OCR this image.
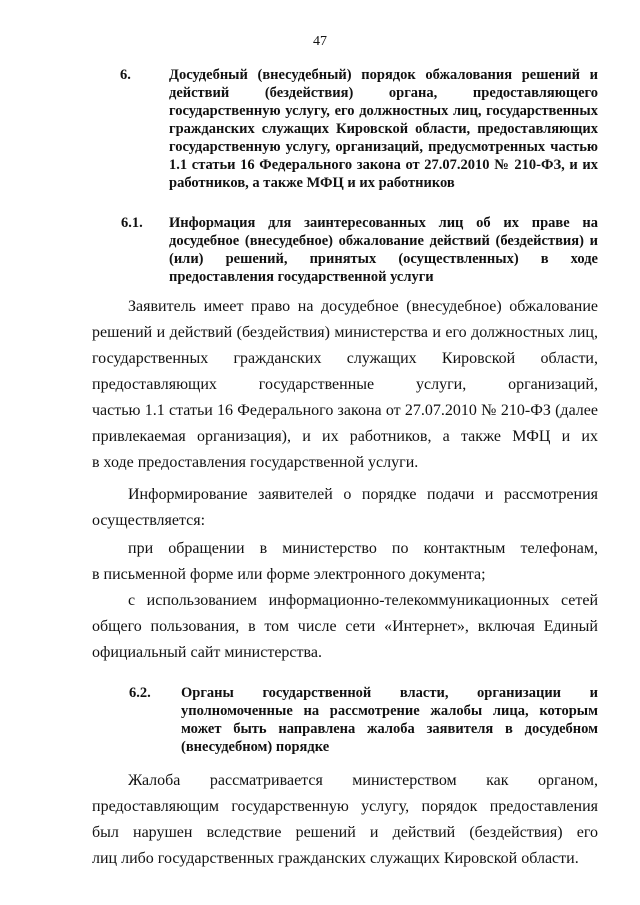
47
6.	Досудебный (внесудебный) порядок обжалования решений и действий (бездействия) органа, предоставляющего государственную услугу, его должностных лиц, государственных гражданских служащих Кировской области, предоставляющих государственную услугу, организаций, предусмотренных частью 1.1 статьи 16 Федерального закона от 27.07.2010 № 210-ФЗ, и их работников, а также МФЦ и их работников
6.1.	Информация для заинтересованных лиц об их праве на досудебное (внесудебное) обжалование действий (бездействия) и (или) решений, принятых (осуществленных) в ходе предоставления государственной услуги
Заявитель имеет право на досудебное (внесудебное) обжалование
решений и действий (бездействия) министерства и его должностных лиц,
государственных гражданских служащих Кировской области,
предоставляющих государственные услуги, организаций,
частью 1.1 статьи 16 Федерального закона от 27.07.2010 № 210-ФЗ (далее
привлекаемая организация), и их работников, а также МФЦ и их
в ходе предоставления государственной услуги.
Информирование заявителей о порядке подачи и рассмотрения
осуществляется:
при обращении в министерство по контактным телефонам,
в письменной форме или форме электронного документа;
с использованием информационно-телекоммуникационных сетей
общего пользования, в том числе сети «Интернет», включая Единый
официальный сайт министерства.
6.2.	Органы государственной власти, организации и уполномоченные на рассмотрение жалобы лица, которым может быть направлена жалоба заявителя в досудебном (внесудебном) порядке
Жалоба рассматривается министерством как органом,
предоставляющим государственную услугу, порядок предоставления
был нарушен вследствие решений и действий (бездействия) его
лиц либо государственных гражданских служащих Кировской области.
